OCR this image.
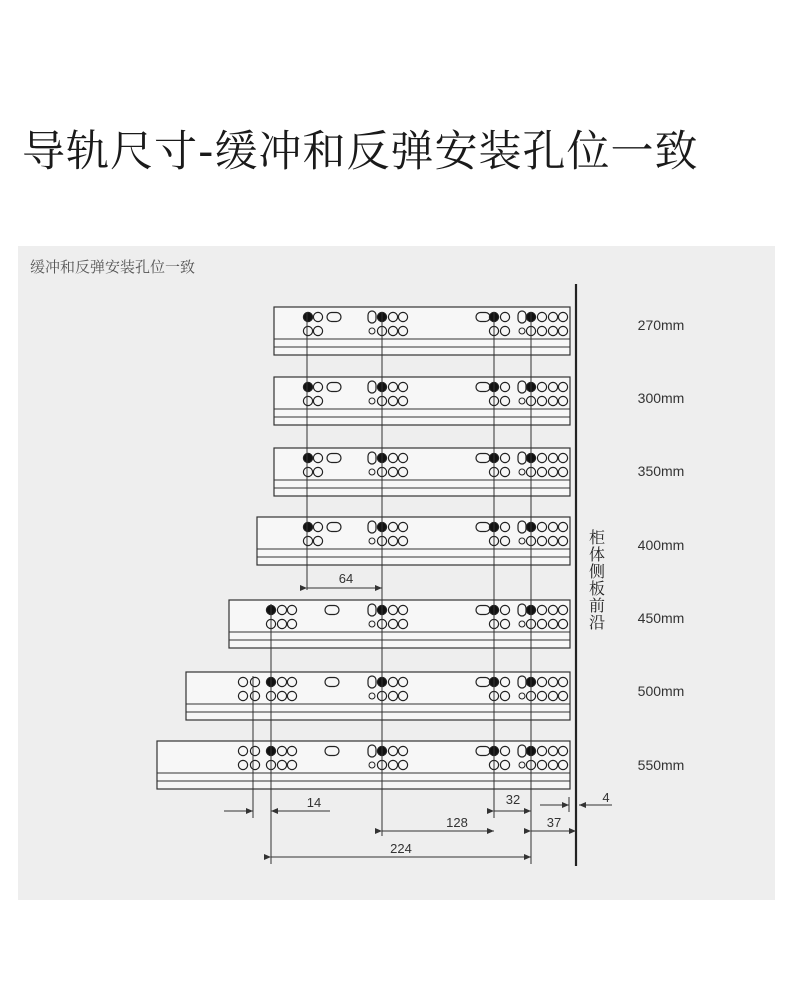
导轨尺寸-缓冲和反弹安装孔位一致
缓冲和反弹安装孔位一致
柜
体
侧
板
前
沿
270mm
300mm
350mm
400mm
450mm
500mm
550mm
64
14	32	4
128	37
224
